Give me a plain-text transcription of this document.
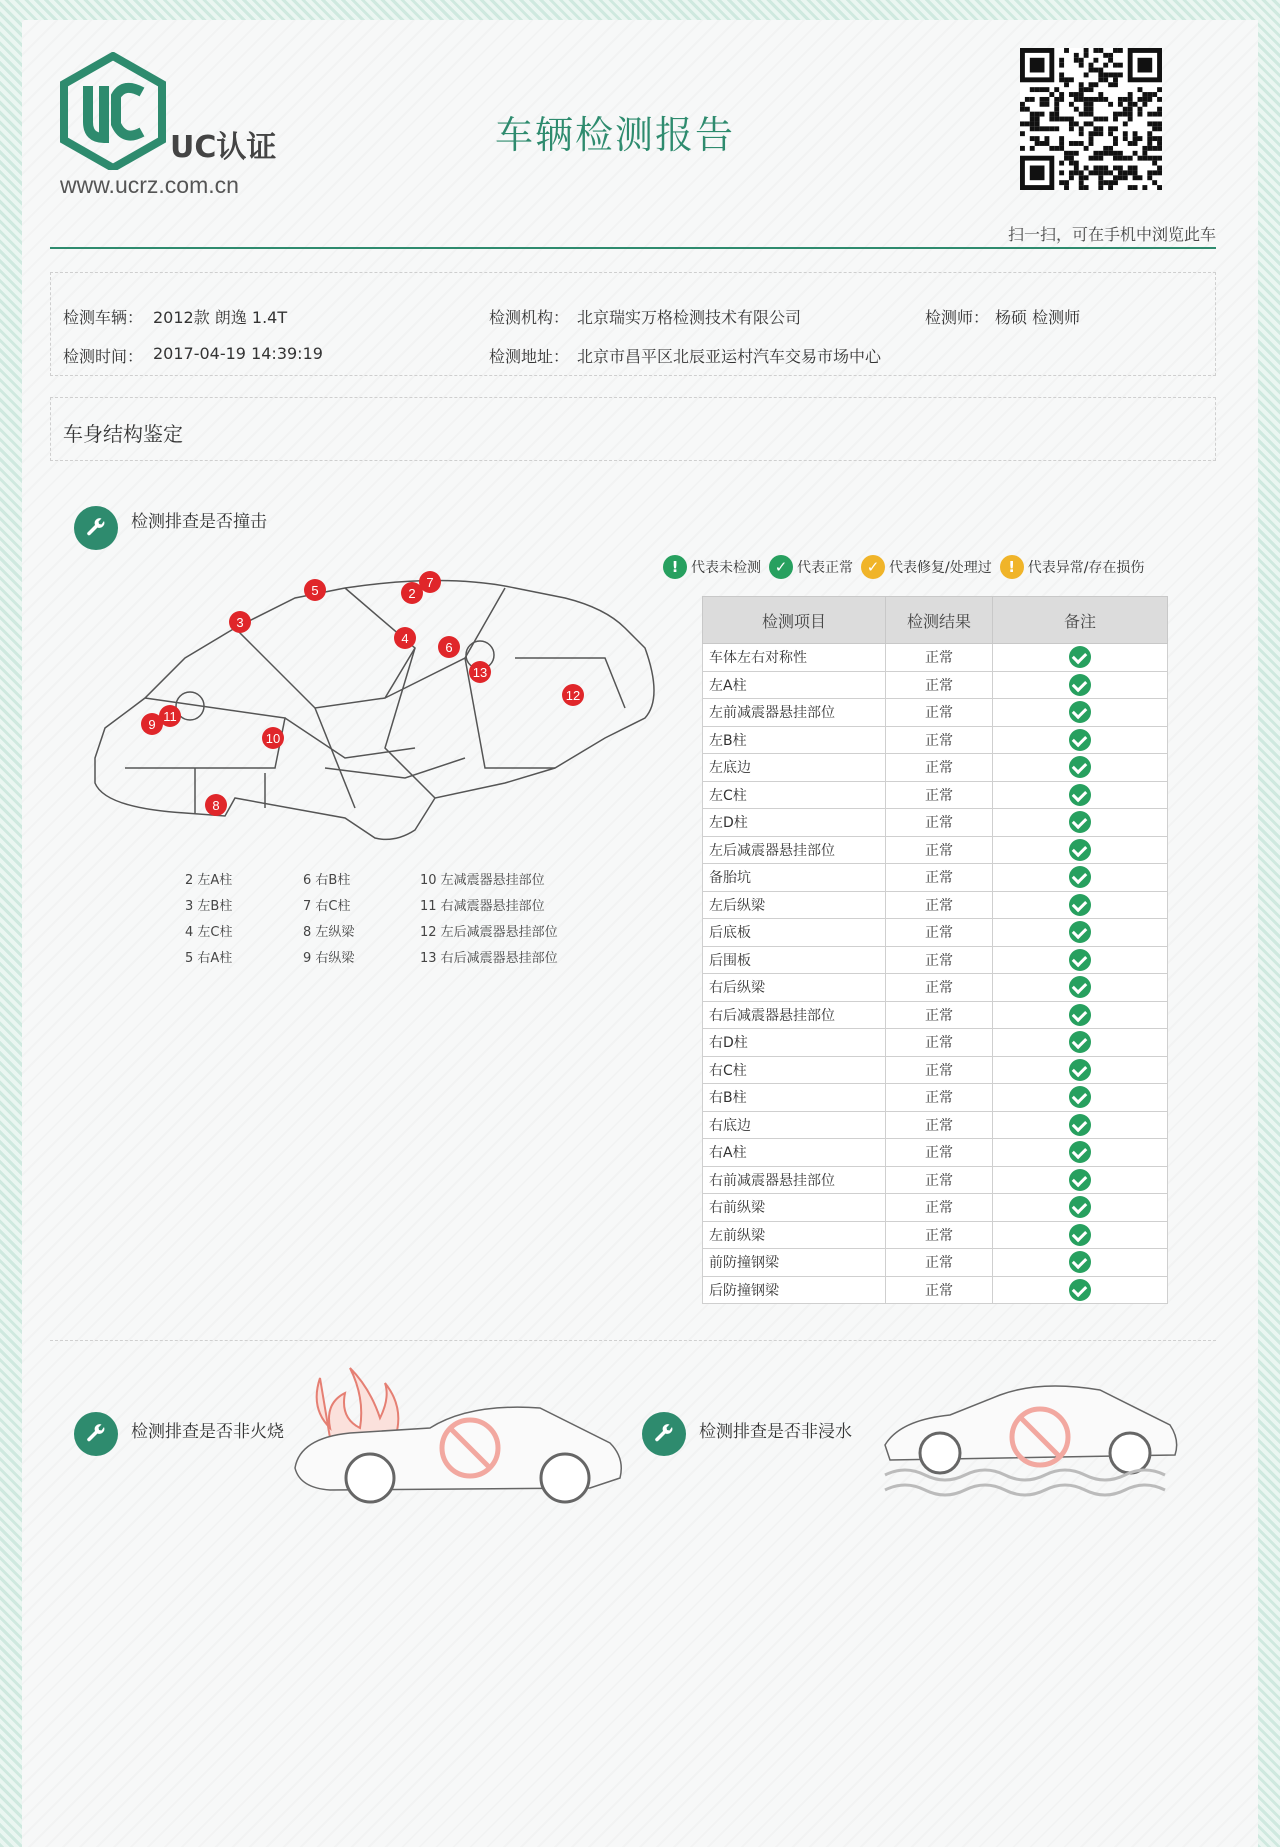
UC认证
www.ucrz.com.cn
车辆检测报告
扫一扫，可在手机中浏览此车
检测车辆： 2012款 朗逸 1.4T
检测时间： 2017-04-19 14:39:19
检测机构： 北京瑞实万格检测技术有限公司
检测地址： 北京市昌平区北辰亚运村汽车交易市场中心
检测师： 杨硕 检测师
车身结构鉴定
检测排查是否撞击
! 代表未检测 ✓ 代表正常 ✓ 代表修复/处理过	! 代表异常/存在损伤
2
3
4
5
6
7
8
9
10
11
12
13
2 左A柱	6 右B柱	10 左减震器悬挂部位
3 左B柱	7 右C柱	11 右减震器悬挂部位
4 左C柱	8 左纵梁	12 左后减震器悬挂部位
5 右A柱	9 右纵梁	13 右后减震器悬挂部位
检测项目	检测结果	备注
车体左右对称性	正常	
左A柱	正常	
左前减震器悬挂部位	正常	
左B柱	正常	
左底边	正常	
左C柱	正常	
左D柱	正常	
左后减震器悬挂部位	正常	
备胎坑	正常	
左后纵梁	正常	
后底板	正常	
后围板	正常	
右后纵梁	正常	
右后减震器悬挂部位	正常	
右D柱	正常	
右C柱	正常	
右B柱	正常	
右底边	正常	
右A柱	正常	
右前减震器悬挂部位	正常	
右前纵梁	正常	
左前纵梁	正常	
前防撞钢梁	正常	
后防撞钢梁	正常	
检测排查是否非火烧	检测排查是否非浸水
